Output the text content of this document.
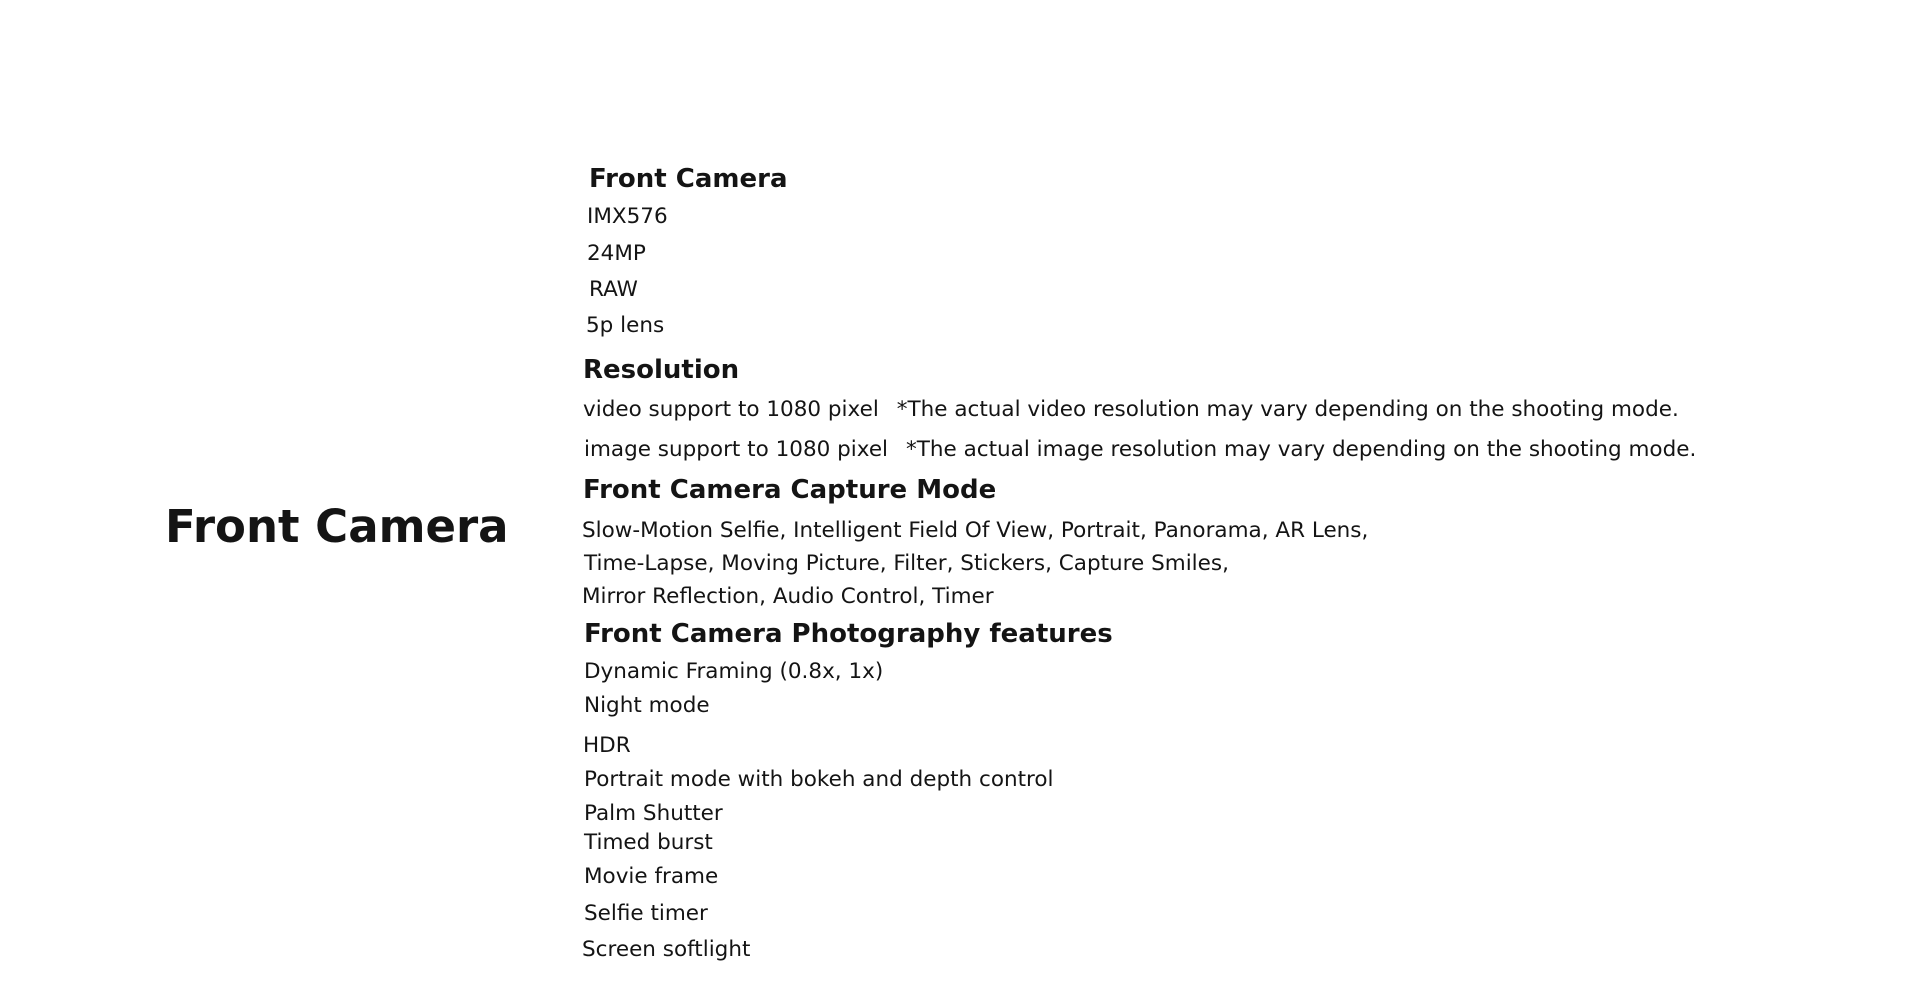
Front Camera
Front Camera
IMX576
24MP
RAW
5p lens
Resolution
video support to 1080 pixel *The actual video resolution may vary depending on the shooting mode.
image support to 1080 pixel *The actual image resolution may vary depending on the shooting mode.
Front Camera Capture Mode
Slow-Motion Selfie, Intelligent Field Of View, Portrait, Panorama, AR Lens,
Time-Lapse, Moving Picture, Filter, Stickers, Capture Smiles,
Mirror Reflection, Audio Control, Timer
Front Camera Photography features
Dynamic Framing (0.8x, 1x)
Night mode
HDR
Portrait mode with bokeh and depth control
Palm Shutter
Timed burst
Movie frame
Selfie timer
Screen softlight
